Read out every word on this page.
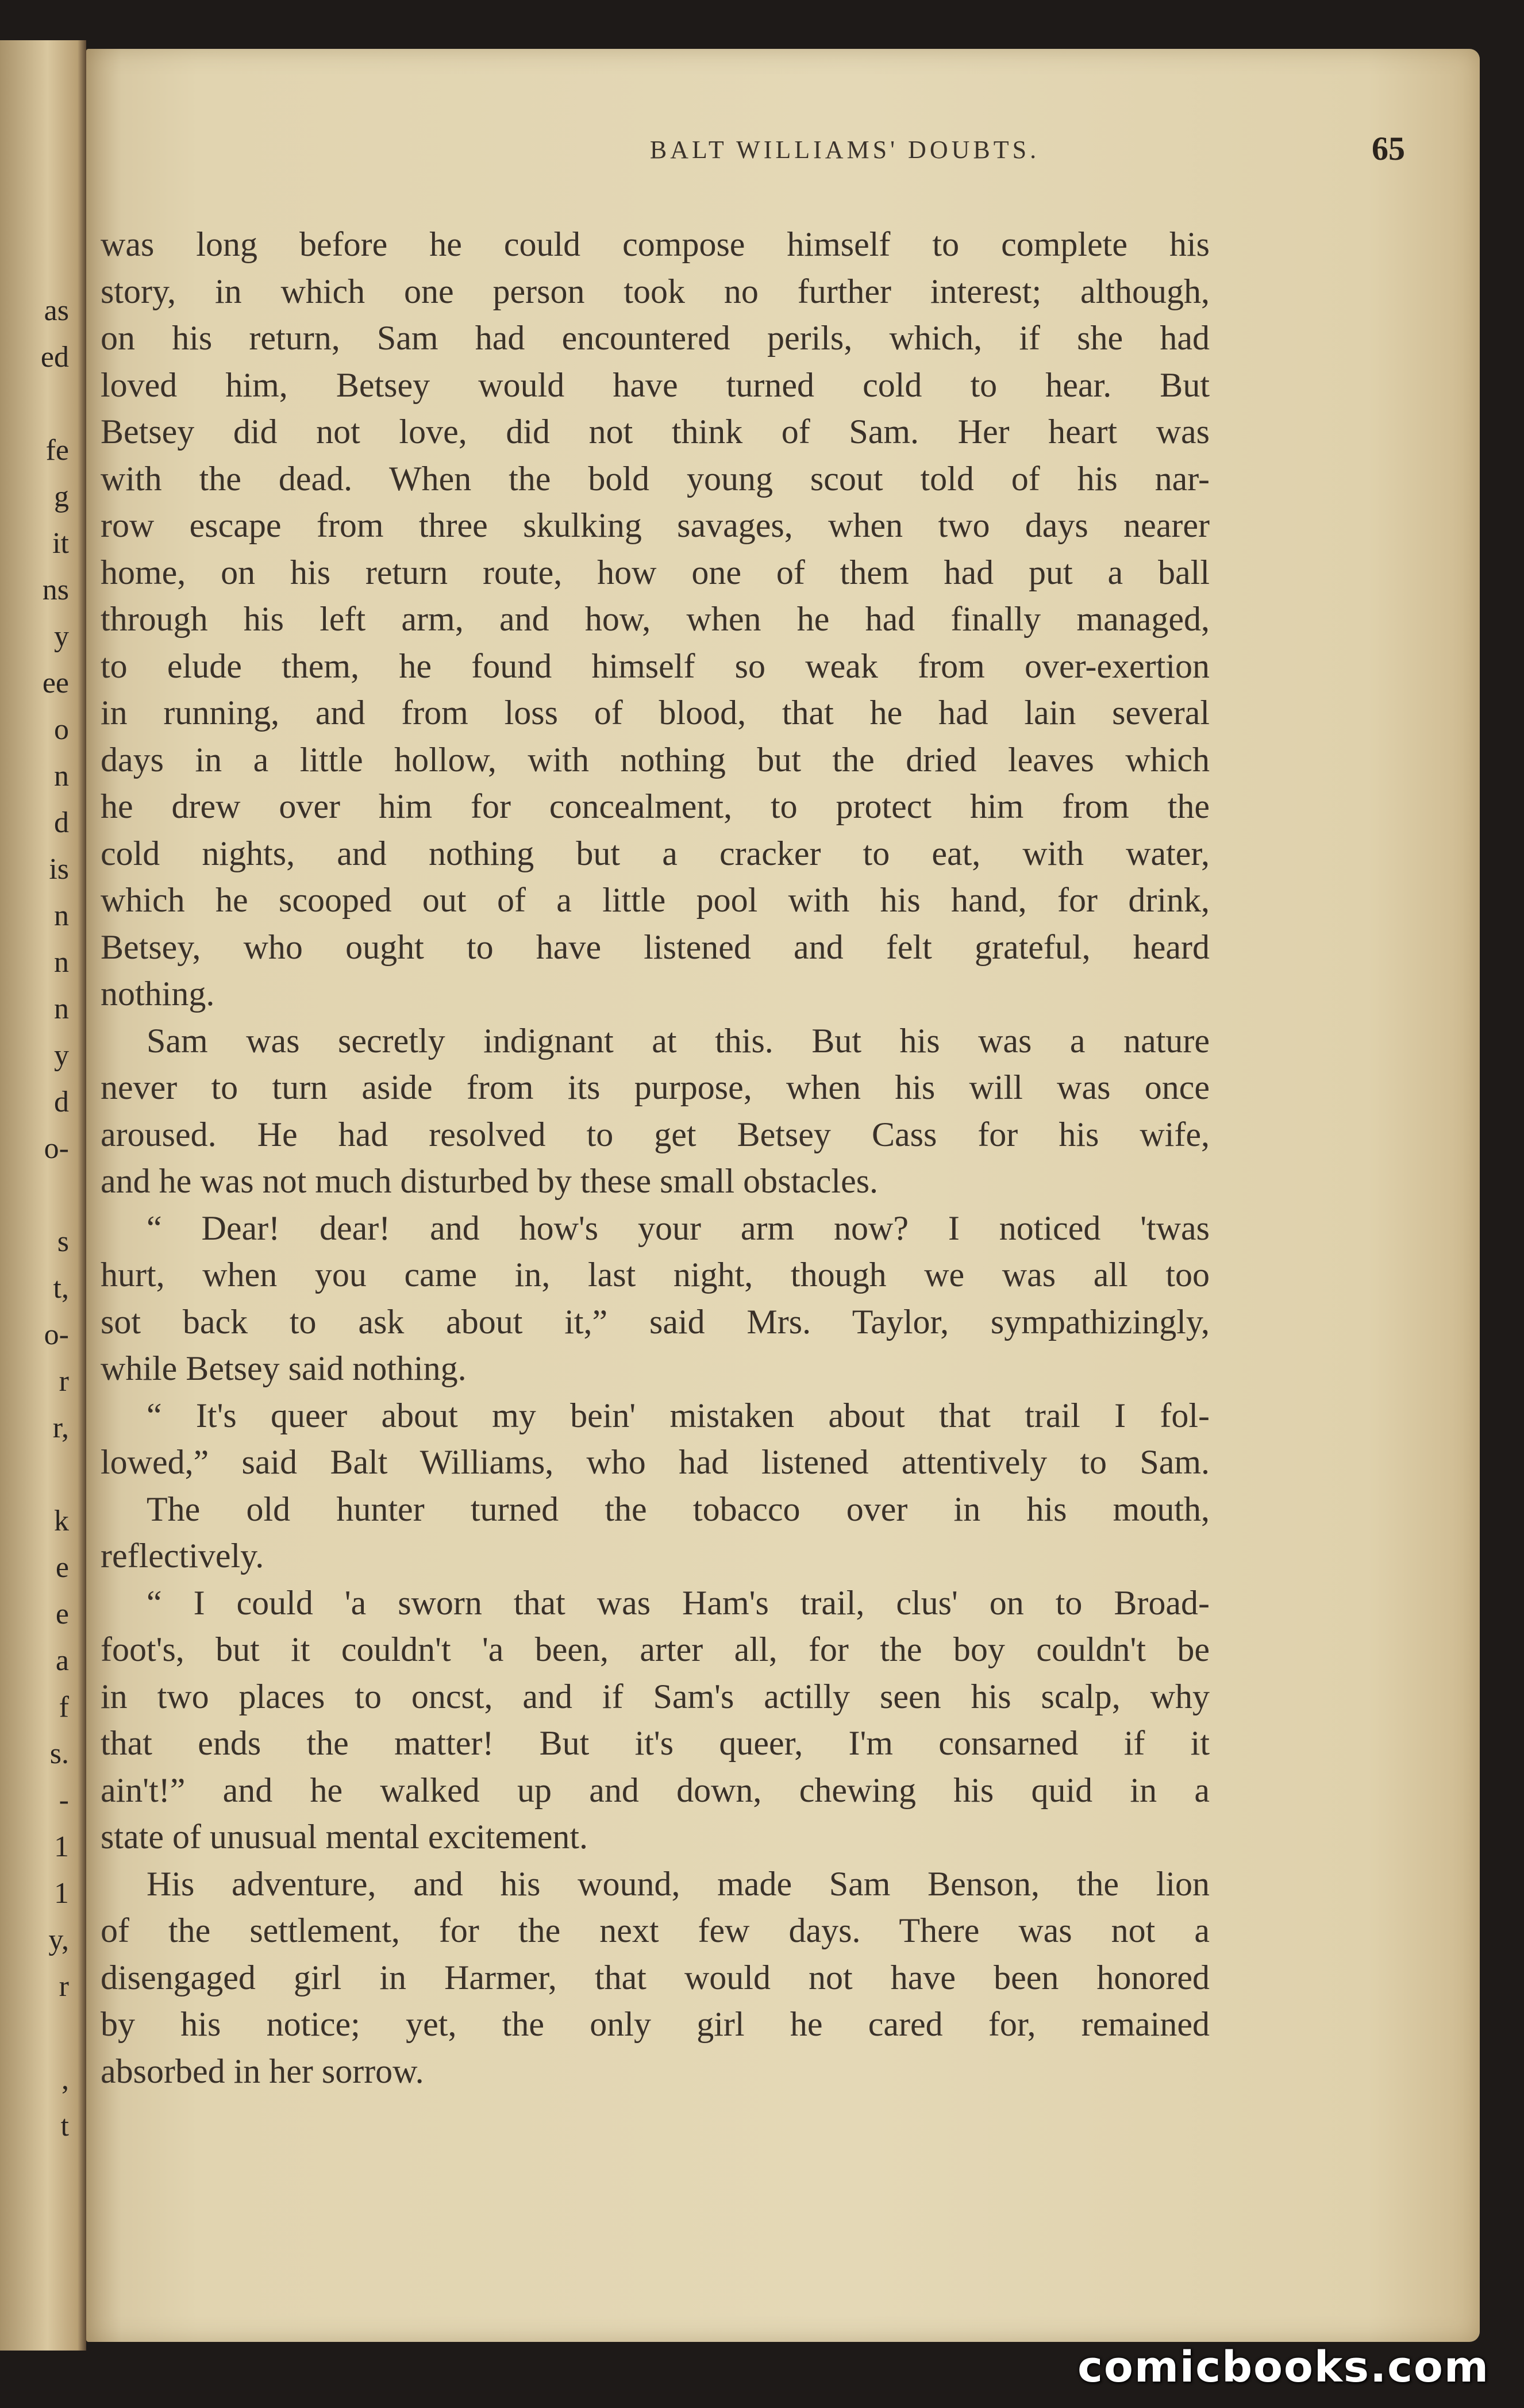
as
ed
fe
g
it
ns
y
ee
o
n
d
is
n
n
n
y
d
o-
s
t,
o-
r
r,
k
e
e
a
f
s.
-
1
1
y,
r
,
t
BALT WILLIAMS' DOUBTS.	65
was long before he could compose himself to complete his
story, in which one person took no further interest; although,
on his return, Sam had encountered perils, which, if she had
loved him, Betsey would have turned cold to hear. But
Betsey did not love, did not think of Sam. Her heart was
with the dead. When the bold young scout told of his nar-
row escape from three skulking savages, when two days nearer
home, on his return route, how one of them had put a ball
through his left arm, and how, when he had finally managed,
to elude them, he found himself so weak from over-exertion
in running, and from loss of blood, that he had lain several
days in a little hollow, with nothing but the dried leaves which
he drew over him for concealment, to protect him from the
cold nights, and nothing but a cracker to eat, with water,
which he scooped out of a little pool with his hand, for drink,
Betsey, who ought to have listened and felt grateful, heard
nothing.
Sam was secretly indignant at this. But his was a nature
never to turn aside from its purpose, when his will was once
aroused. He had resolved to get Betsey Cass for his wife,
and he was not much disturbed by these small obstacles.
“ Dear! dear! and how's your arm now? I noticed 'twas
hurt, when you came in, last night, though we was all too
sot back to ask about it,” said Mrs. Taylor, sympathizingly,
while Betsey said nothing.
“ It's queer about my bein' mistaken about that trail I fol-
lowed,” said Balt Williams, who had listened attentively to Sam.
The old hunter turned the tobacco over in his mouth,
reflectively.
“ I could 'a sworn that was Ham's trail, clus' on to Broad-
foot's, but it couldn't 'a been, arter all, for the boy couldn't be
in two places to oncst, and if Sam's actilly seen his scalp, why
that ends the matter! But it's queer, I'm consarned if it
ain't!” and he walked up and down, chewing his quid in a
state of unusual mental excitement.
His adventure, and his wound, made Sam Benson, the lion
of the settlement, for the next few days. There was not a
disengaged girl in Harmer, that would not have been honored
by his notice; yet, the only girl he cared for, remained
absorbed in her sorrow.
comicbooks.com
